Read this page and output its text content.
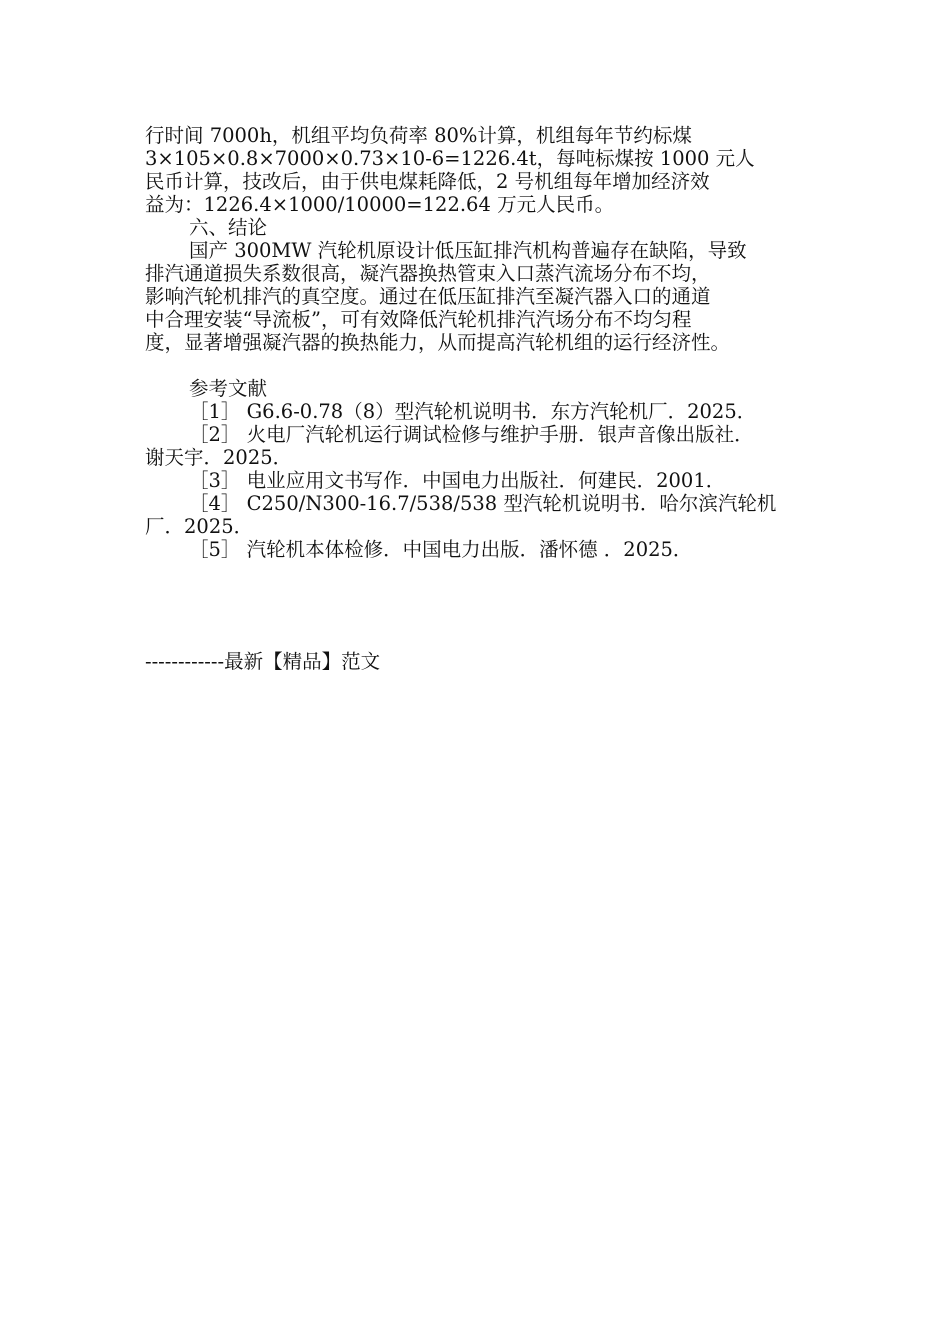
行时间 7000h，机组平均负荷率 80%计算，机组每年节约标煤
3×105×0.8×7000×0.73×10-6=1226.4t，每吨标煤按 1000 元人
民币计算，技改后，由于供电煤耗降低，2 号机组每年增加经济效
益为：1226.4×1000/10000=122.64 万元人民币。
六、结论
国产 300MW 汽轮机原设计低压缸排汽机构普遍存在缺陷，导致
排汽通道损失系数很高，凝汽器换热管束入口蒸汽流场分布不均，
影响汽轮机排汽的真空度。通过在低压缸排汽至凝汽器入口的通道
中合理安装“导流板”，可有效降低汽轮机排汽汽场分布不均匀程
度，显著增强凝汽器的换热能力，从而提高汽轮机组的运行经济性。
参考文献
［1］ G6.6-0.78（8）型汽轮机说明书．东方汽轮机厂．2025．
［2］ 火电厂汽轮机运行调试检修与维护手册．银声音像出版社．
谢天宇．2025．
［3］ 电业应用文书写作．中国电力出版社．何建民．2001．
［4］ C250/N300-16.7/538/538 型汽轮机说明书．哈尔滨汽轮机
厂．2025．
［5］ 汽轮机本体检修．中国电力出版．潘怀德 ．2025．
------------最新【精品】范文
